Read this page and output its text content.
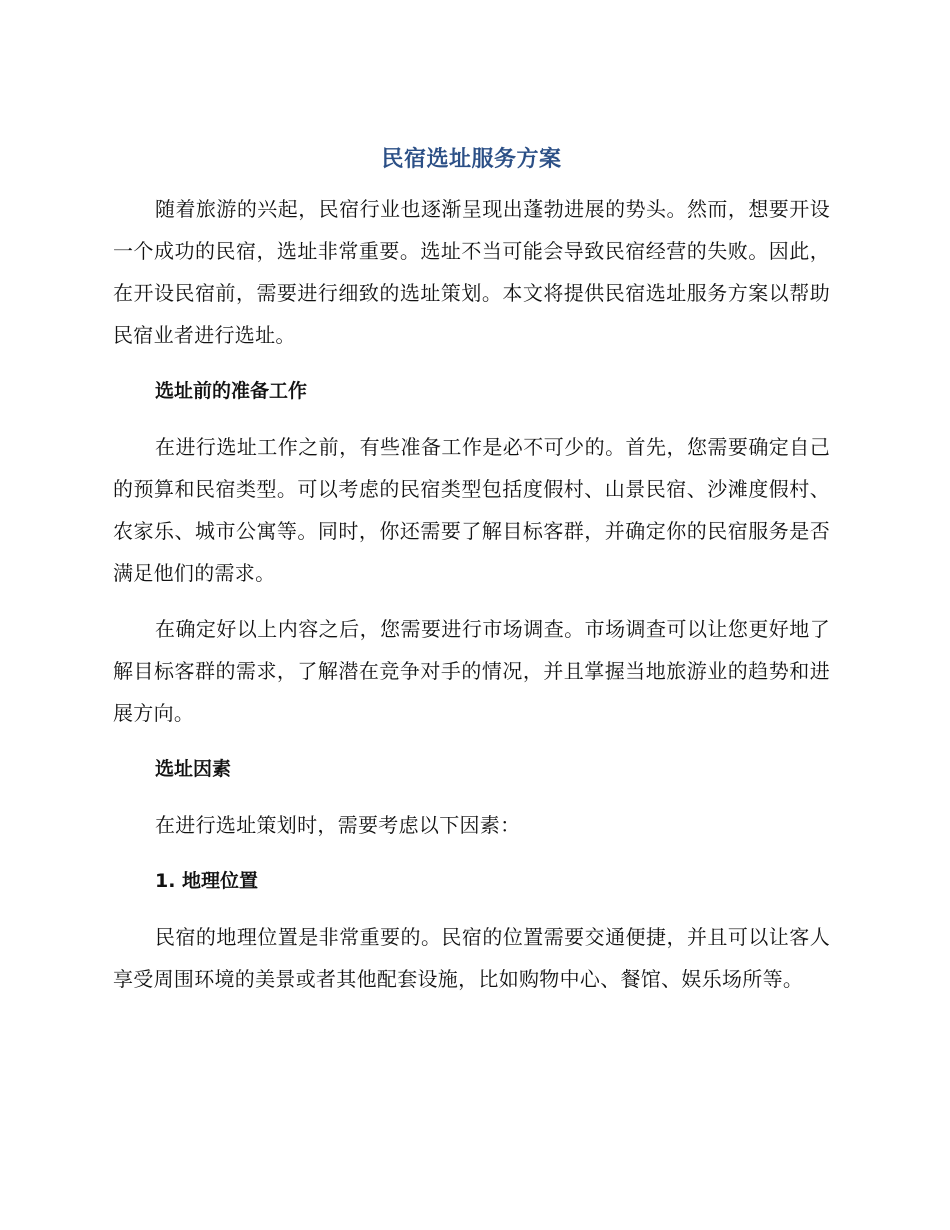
民宿选址服务方案

随着旅游的兴起，民宿行业也逐渐呈现出蓬勃进展的势头。然而，想要开设一个成功的民宿，选址非常重要。选址不当可能会导致民宿经营的失败。因此，在开设民宿前，需要进行细致的选址策划。本文将提供民宿选址服务方案以帮助民宿业者进行选址。

选址前的准备工作

在进行选址工作之前，有些准备工作是必不可少的。首先，您需要确定自己的预算和民宿类型。可以考虑的民宿类型包括度假村、山景民宿、沙滩度假村、农家乐、城市公寓等。同时，你还需要了解目标客群，并确定你的民宿服务是否满足他们的需求。

在确定好以上内容之后，您需要进行市场调查。市场调查可以让您更好地了解目标客群的需求，了解潜在竞争对手的情况，并且掌握当地旅游业的趋势和进展方向。

选址因素

在进行选址策划时，需要考虑以下因素：

1. 地理位置

民宿的地理位置是非常重要的。民宿的位置需要交通便捷，并且可以让客人享受周围环境的美景或者其他配套设施，比如购物中心、餐馆、娱乐场所等。
